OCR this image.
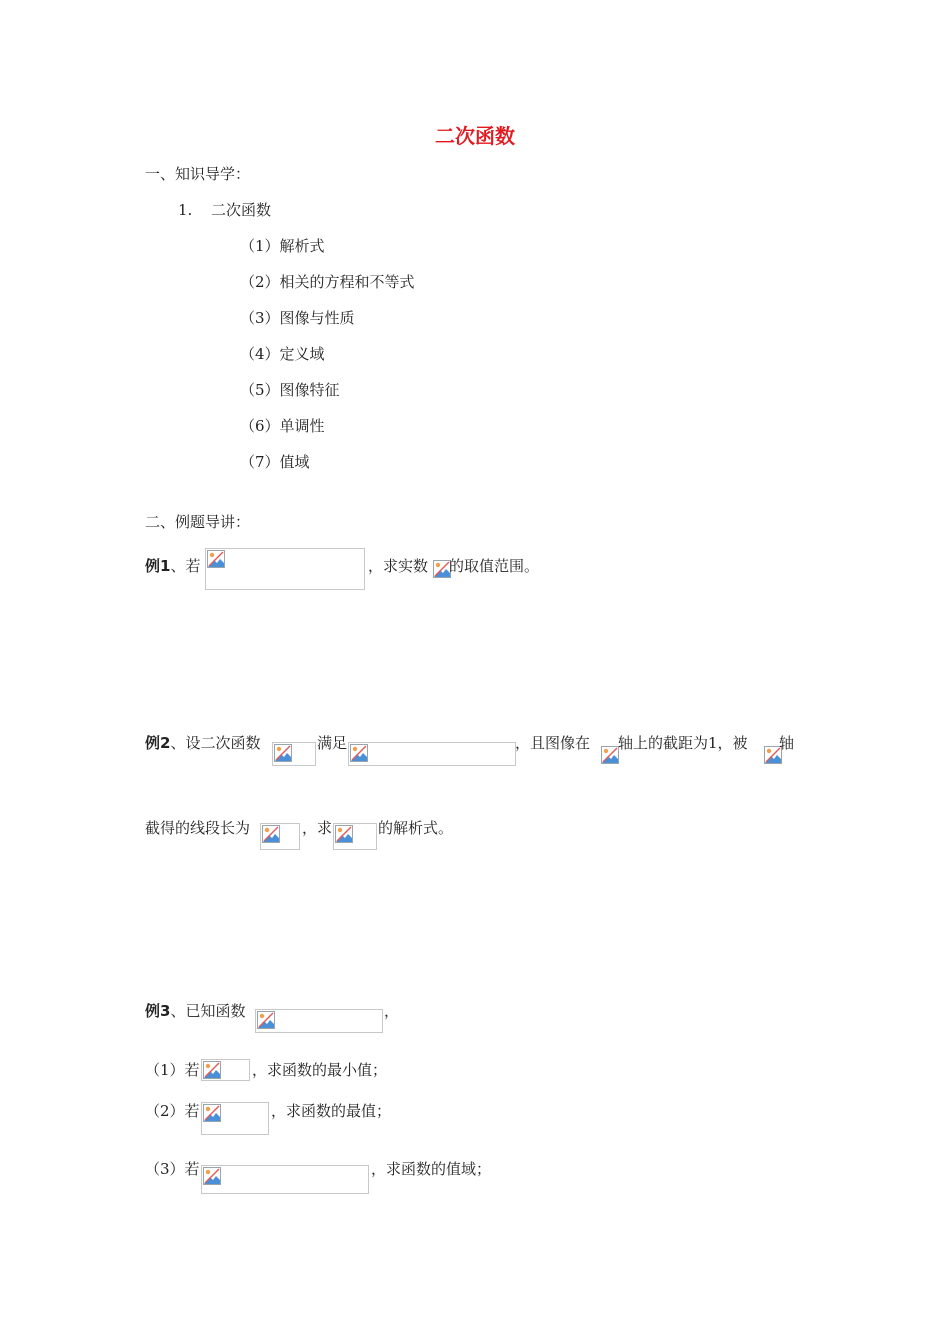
二次函数
一、知识导学：
1. 二次函数
（1）解析式
（2）相关的方程和不等式
（3）图像与性质
（4）定义域
（5）图像特征
（6）单调性
（7）值域
二、例题导讲：
例1、若	，求实数 的取值范围。
例2、设二次函数	满足	，且图像在 轴上的截距为1，被 轴
截得的线段长为	，求	的解析式。
例3、已知函数	，
（1）若	，求函数的最小值；
（2）若	，求函数的最值；
（3）若	，求函数的值域；
